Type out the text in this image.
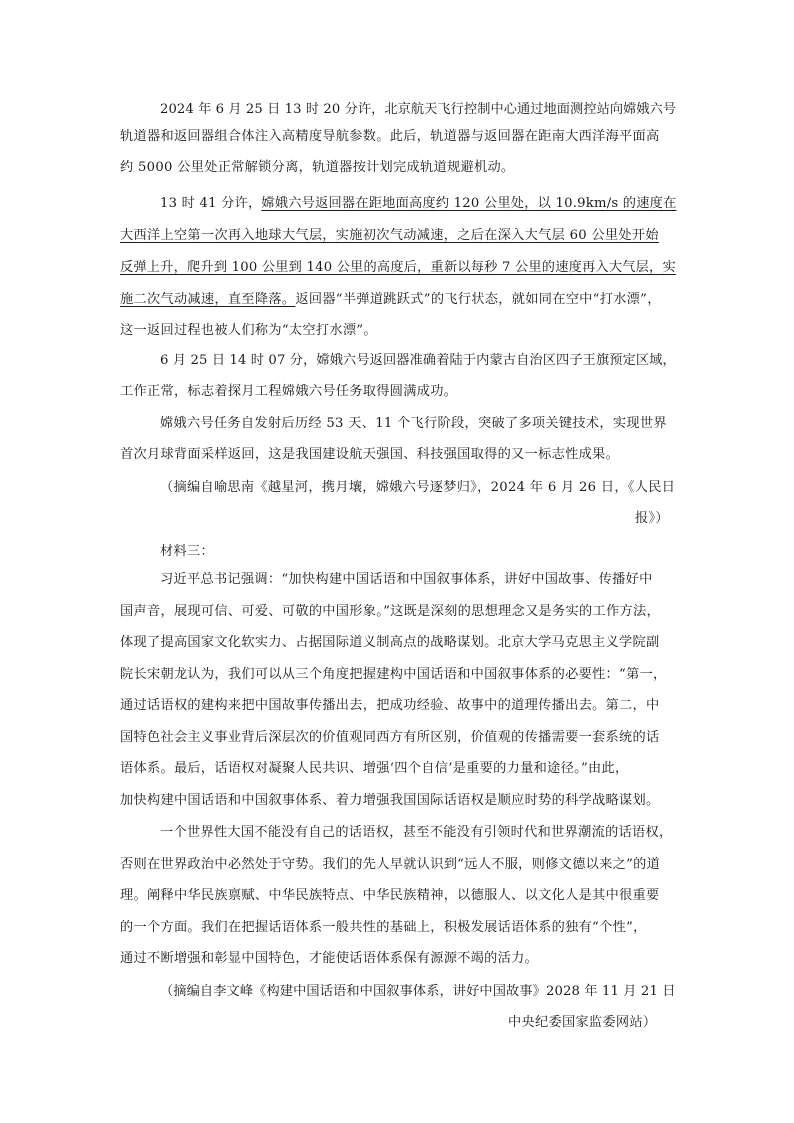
2024 年 6 月 25 日 13 时 20 分许，北京航天飞行控制中心通过地面测控站向嫦娥六号
轨道器和返回器组合体注入高精度导航参数。此后，轨道器与返回器在距南大西洋海平面高
约 5000 公里处正常解锁分离，轨道器按计划完成轨道规避机动。
13 时 41 分许，嫦娥六号返回器在距地面高度约 120 公里处，以 10.9km/s 的速度在
大西洋上空第一次再入地球大气层，实施初次气动减速，之后在深入大气层 60 公里处开始
反弹上升，爬升到 100 公里到 140 公里的高度后，重新以每秒 7 公里的速度再入大气层，实
施二次气动减速，直至降落。返回器“半弹道跳跃式”的飞行状态，就如同在空中“打水漂”，
这一返回过程也被人们称为“太空打水漂”。
6 月 25 日 14 时 07 分，嫦娥六号返回器准确着陆于内蒙古自治区四子王旗预定区域，
工作正常，标志着探月工程嫦娥六号任务取得圆满成功。
嫦娥六号任务自发射后历经 53 天、11 个飞行阶段，突破了多项关键技术，实现世界
首次月球背面采样返回，这是我国建设航天强国、科技强国取得的又一标志性成果。
（摘编自喻思南《越星河，携月壤，嫦娥六号逐梦归》，2024 年 6 月 26 日，《人民日
报》）
材料三：
习近平总书记强调：“加快构建中国话语和中国叙事体系，讲好中国故事、传播好中
国声音，展现可信、可爱、可敬的中国形象。”这既是深刻的思想理念又是务实的工作方法，
体现了提高国家文化软实力、占据国际道义制高点的战略谋划。北京大学马克思主义学院副
院长宋朝龙认为，我们可以从三个角度把握建构中国话语和中国叙事体系的必要性：“第一，
通过话语权的建构来把中国故事传播出去，把成功经验、故事中的道理传播出去。第二，中
国特色社会主义事业背后深层次的价值观同西方有所区别，价值观的传播需要一套系统的话
语体系。最后，话语权对凝聚人民共识、增强‘四个自信’是重要的力量和途径。”由此，
加快构建中国话语和中国叙事体系、着力增强我国国际话语权是顺应时势的科学战略谋划。
一个世界性大国不能没有自己的话语权，甚至不能没有引领时代和世界潮流的话语权，
否则在世界政治中必然处于守势。我们的先人早就认识到“远人不服，则修文德以来之”的道
理。阐释中华民族禀赋、中华民族特点、中华民族精神，以德服人、以文化人是其中很重要
的一个方面。我们在把握话语体系一般共性的基础上，积极发展话语体系的独有“个性”，
通过不断增强和彰显中国特色，才能使话语体系保有源源不竭的活力。
（摘编自李文峰《构建中国话语和中国叙事体系，讲好中国故事》2028 年 11 月 21 日
中央纪委国家监委网站）
